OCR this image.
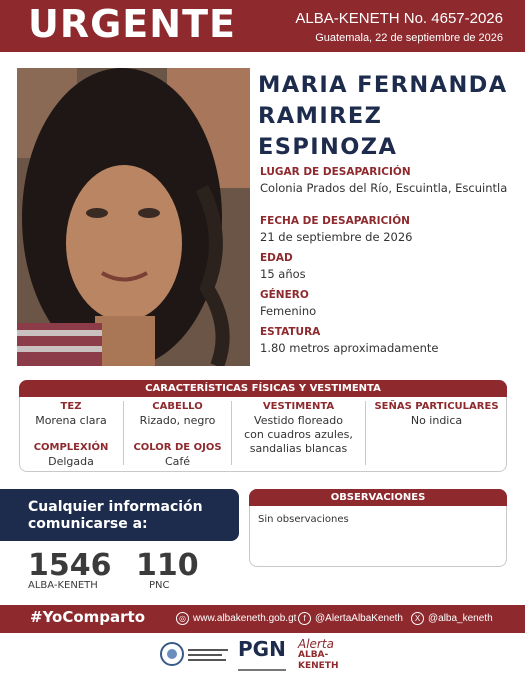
URGENTE	ALBA-KENETH No. 4657-2026
Guatemala, 22 de septiembre de 2026
MARIA FERNANDA
RAMIREZ ESPINOZA
LUGAR DE DESAPARICIÓN
Colonia Prados del Río, Escuintla, Escuintla
FECHA DE DESAPARICIÓN
21 de septiembre de 2026
EDAD
15 años
GÉNERO
Femenino
ESTATURA
1.80 metros aproximadamente
CARACTERÍSTICAS FÍSICAS Y VESTIMENTA
TEZ
Morena clara
COMPLEXIÓN
Delgada
CABELLO
Rizado, negro
COLOR DE OJOS
Café
VESTIMENTA
Vestido floreado
con cuadros azules,
sandalias blancas
SEÑAS PARTICULARES
No indica
Cualquier información
comunicarse a:
1546
ALBA-KENETH
110
PNC
OBSERVACIONES
Sin observaciones
#YoComparto	◎ www.albakeneth.gob.gt f @AlertaAlbaKeneth	X @alba_keneth
PGN Alerta
ALBA-KENETH
